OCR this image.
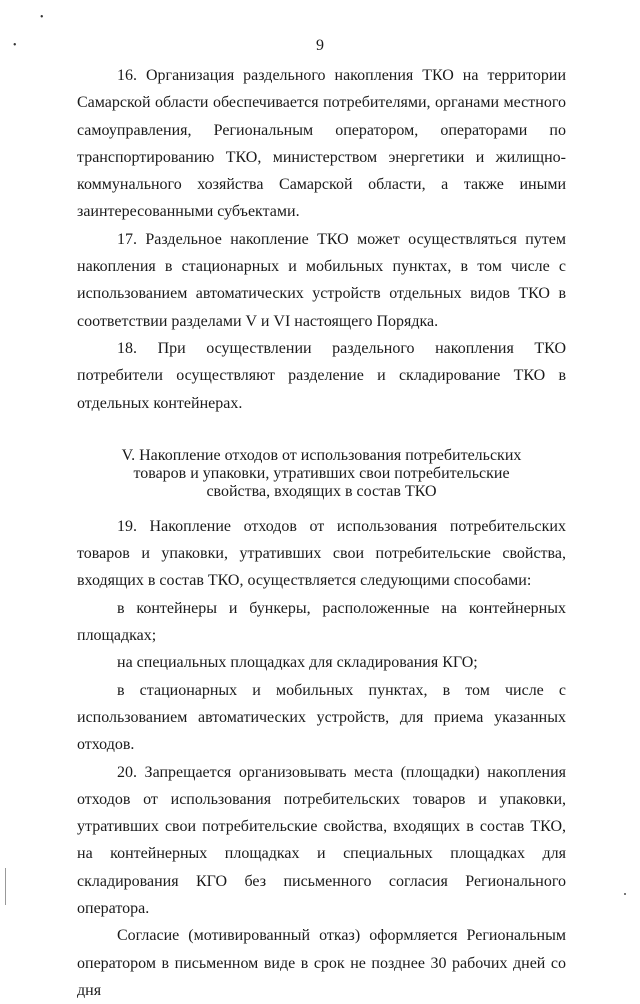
•
•	9

16. Организация раздельного накопления ТКО на территории Самарской области обеспечивается потребителями, органами местного самоуправления, Региональным оператором, операторами по транспортированию ТКО, министерством энергетики и жилищно-коммунального хозяйства Самарской области, а также иными заинтересованными субъектами.

17. Раздельное накопление ТКО может осуществляться путем накопления в стационарных и мобильных пунктах, в том числе с использованием автоматических устройств отдельных видов ТКО в соответствии разделами V и VI настоящего Порядка.

18. При осуществлении раздельного накопления ТКО потребители осуществляют разделение и складирование ТКО в отдельных контейнерах.

V. Накопление отходов от использования потребительских
товаров и упаковки, утративших свои потребительские
свойства, входящих в состав ТКО

19. Накопление отходов от использования потребительских товаров и упаковки, утративших свои потребительские свойства, входящих в состав ТКО, осуществляется следующими способами:

в контейнеры и бункеры, расположенные на контейнерных площадках;

на специальных площадках для складирования КГО;

в стационарных и мобильных пунктах, в том числе с использованием автоматических устройств, для приема указанных отходов.

20. Запрещается организовывать места (площадки) накопления отходов от использования потребительских товаров и упаковки, утративших свои потребительские свойства, входящих в состав ТКО, на контейнерных площадках и специальных площадках для складирования КГО без письменного согласия Регионального оператора.

Согласие (мотивированный отказ) оформляется Региональным оператором в письменном виде в срок не позднее 30 рабочих дней со дня
